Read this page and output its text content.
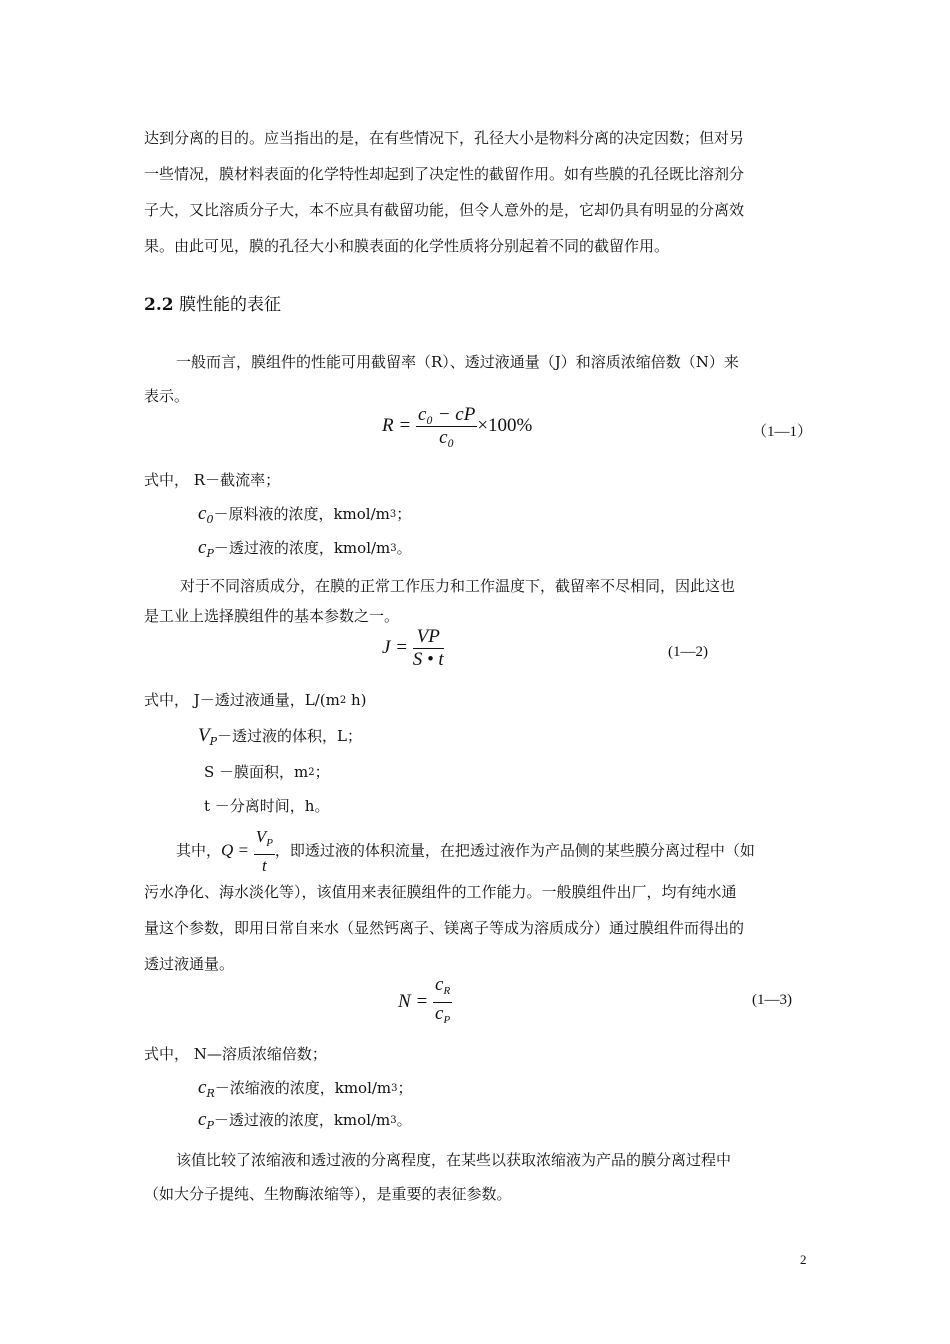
达到分离的目的。应当指出的是，在有些情况下，孔径大小是物料分离的决定因数；但对另
一些情况，膜材料表面的化学特性却起到了决定性的截留作用。如有些膜的孔径既比溶剂分
子大，又比溶质分子大，本不应具有截留功能，但令人意外的是，它却仍具有明显的分离效
果。由此可见，膜的孔径大小和膜表面的化学性质将分别起着不同的截留作用。
2.2 膜性能的表征
一般而言，膜组件的性能可用截留率（R）、透过液通量（J）和溶质浓缩倍数（N）来
表示。
$R = \frac{\text{c₀ − cP}}{\text{c₀}} \times 100\%$	（1—1）
式中， R－截流率；
$c_0-$原料液的浓度，kmol/$m^3$；
$c_P-$透过液的浓度，kmol/$m^3$。
对于不同溶质成分，在膜的正常工作压力和工作温度下，截留率不尽相同，因此这也
是工业上选择膜组件的基本参数之一。
$J = \frac{VP}{S • t}$	(1—2)
式中， J－透过液通量，$L/(m^2$ h)
$V_P-$透过液的体积，L；
S －膜面积，$m^2$；
t －分离时间，h。
其中，$Q = \frac{V_P}{t}$ ，即透过液的体积流量，在把透过液作为产品侧的某些膜分离过程中（如
污水净化、海水淡化等），该值用来表征膜组件的工作能力。一般膜组件出厂，均有纯水通
量这个参数，即用日常自来水（显然钙离子、镁离子等成为溶质成分）通过膜组件而得出的
透过液通量。
$N = \frac{c_R}{c_P}$	(1—3)
式中， N—溶质浓缩倍数；
$c_R-$浓缩液的浓度，kmol/$m^3$；
$c_P-$透过液的浓度，kmol/$m^3$。
该值比较了浓缩液和透过液的分离程度，在某些以获取浓缩液为产品的膜分离过程中
（如大分子提纯、生物酶浓缩等），是重要的表征参数。
2
